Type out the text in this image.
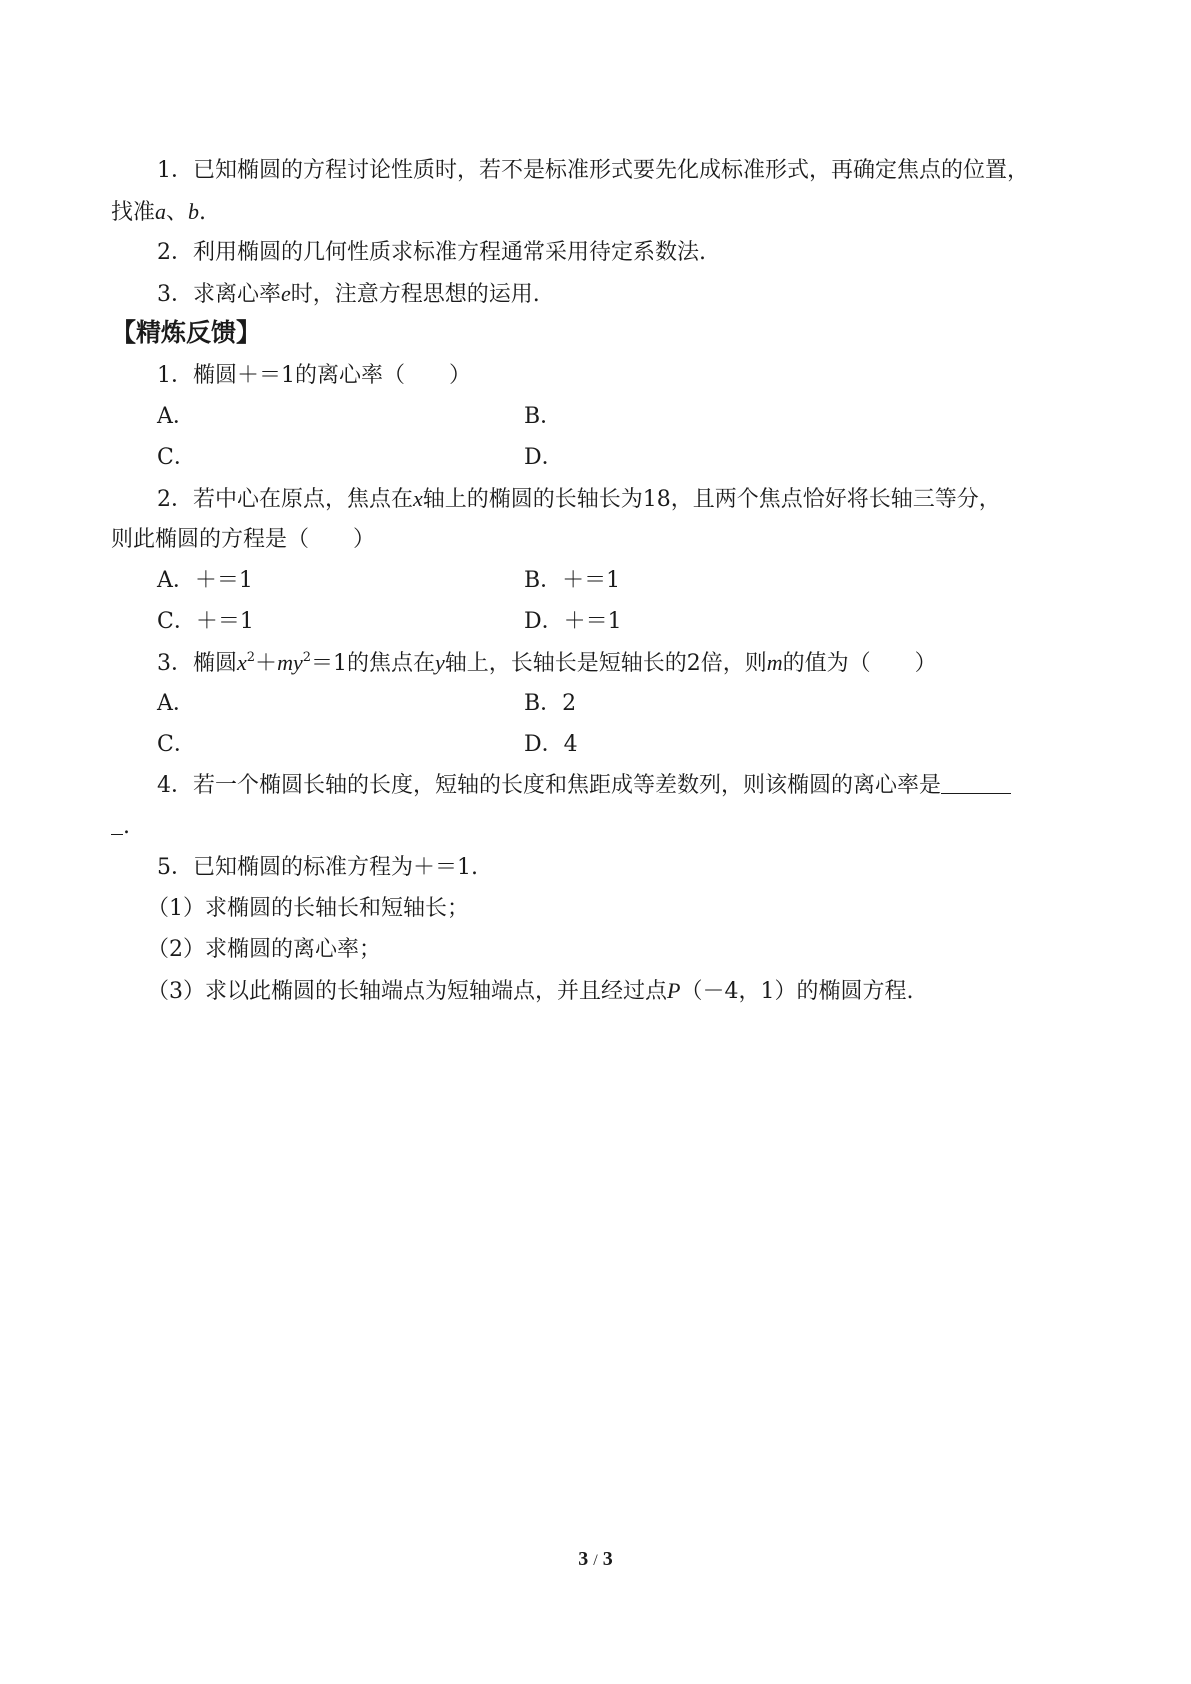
1．已知椭圆的方程讨论性质时，若不是标准形式要先化成标准形式，再确定焦点的位置，
找准a、b.
2．利用椭圆的几何性质求标准方程通常采用待定系数法.
3．求离心率e时，注意方程思想的运用.
【精炼反馈】
1．椭圆＋＝1的离心率（　　）
A．	B．
C．	D．
2．若中心在原点，焦点在x轴上的椭圆的长轴长为18，且两个焦点恰好将长轴三等分，
则此椭圆的方程是（　　）
A．＋＝1	B．＋＝1
C．＋＝1	D．＋＝1
3．椭圆$x^2+my^2=1$的焦点在y轴上，长轴长是短轴长的2倍，则m的值为（　　）
A．	B．2
C．	D．4
4．若一个椭圆长轴的长度，短轴的长度和焦距成等差数列，则该椭圆的离心率是
.
5．已知椭圆的标准方程为＋＝1.
（1）求椭圆的长轴长和短轴长；
（2）求椭圆的离心率；
（3）求以此椭圆的长轴端点为短轴端点，并且经过点P（－4，1）的椭圆方程.
3 / 3
